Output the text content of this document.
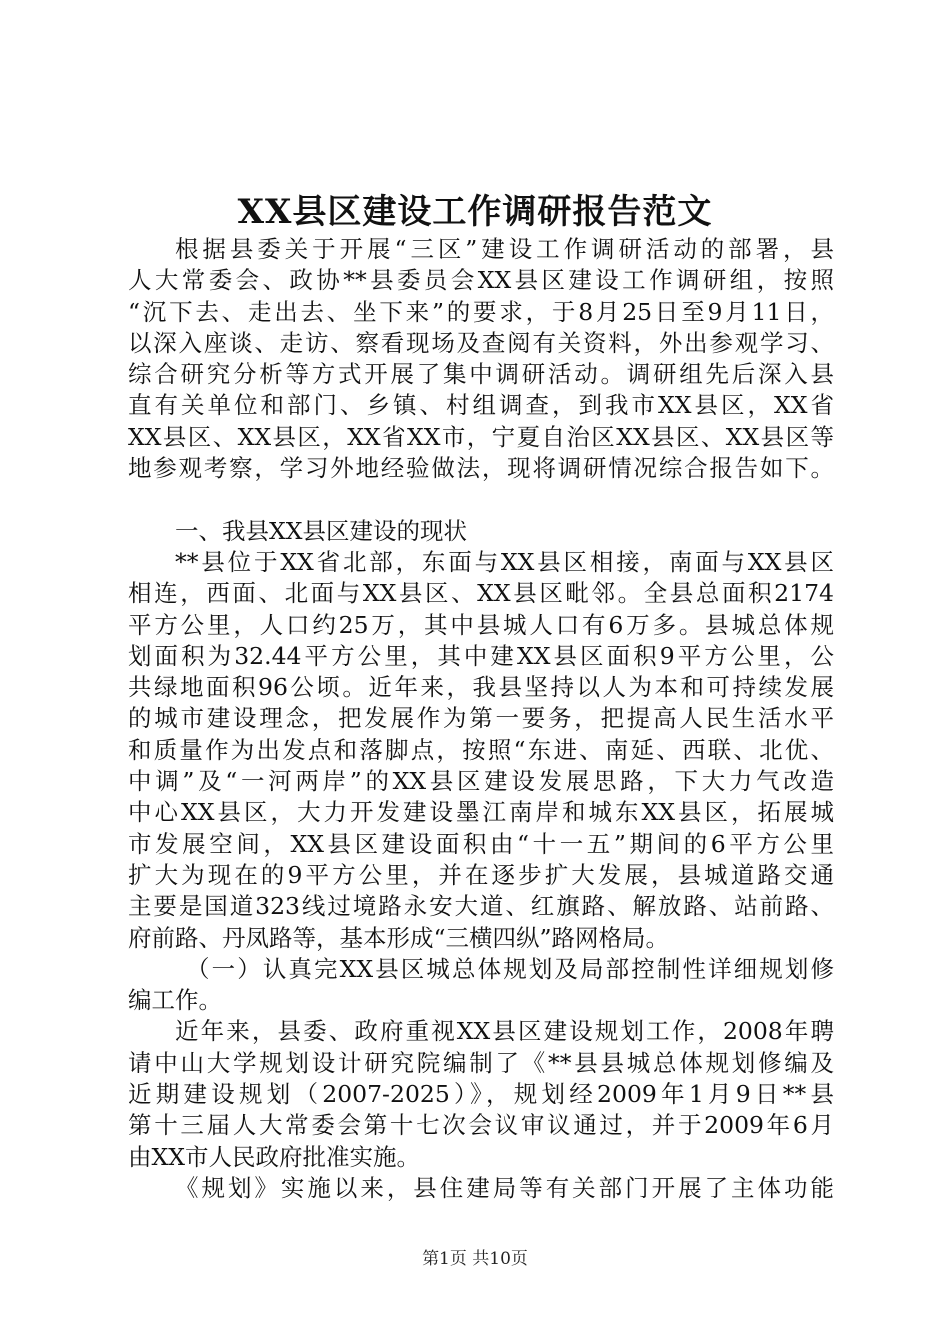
XX县区建设工作调研报告范文
根据县委关于开展“三区”建设工作调研活动的部署，县
人大常委会、政协**县委员会XX县区建设工作调研组，按照
“沉下去、走出去、坐下来”的要求，于8月25日至9月11日，
以深入座谈、走访、察看现场及查阅有关资料，外出参观学习、
综合研究分析等方式开展了集中调研活动。调研组先后深入县
直有关单位和部门、乡镇、村组调查，到我市XX县区，XX省
XX县区、XX县区，XX省XX市，宁夏自治区XX县区、XX县区等
地参观考察，学习外地经验做法，现将调研情况综合报告如下。
一、我县XX县区建设的现状
**县位于XX省北部，东面与XX县区相接，南面与XX县区
相连，西面、北面与XX县区、XX县区毗邻。全县总面积2174
平方公里，人口约25万，其中县城人口有6万多。县城总体规
划面积为32.44平方公里，其中建XX县区面积9平方公里，公
共绿地面积96公顷。近年来，我县坚持以人为本和可持续发展
的城市建设理念，把发展作为第一要务，把提高人民生活水平
和质量作为出发点和落脚点，按照“东进、南延、西联、北优、
中调”及“一河两岸”的XX县区建设发展思路，下大力气改造
中心XX县区，大力开发建设墨江南岸和城东XX县区，拓展城
市发展空间，XX县区建设面积由“十一五”期间的6平方公里
扩大为现在的9平方公里，并在逐步扩大发展，县城道路交通
主要是国道323线过境路永安大道、红旗路、解放路、站前路、
府前路、丹凤路等，基本形成“三横四纵”路网格局。
（一）认真完XX县区城总体规划及局部控制性详细规划修
编工作。
近年来，县委、政府重视XX县区建设规划工作，2008年聘
请中山大学规划设计研究院编制了《**县县城总体规划修编及
近期建设规划（2007-2025）》，规划经2009年1月9日**县
第十三届人大常委会第十七次会议审议通过，并于2009年6月
由XX市人民政府批准实施。
《规划》实施以来，县住建局等有关部门开展了主体功能
第1页 共10页
